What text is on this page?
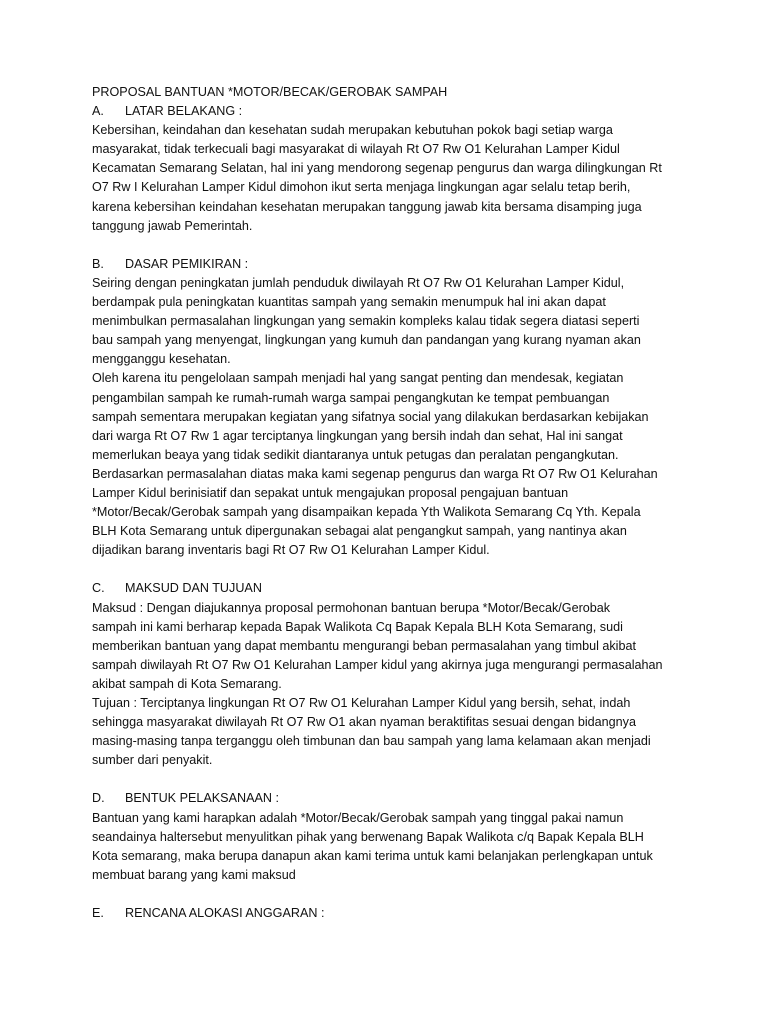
PROPOSAL BANTUAN *MOTOR/BECAK/GEROBAK SAMPAH
A.	LATAR BELAKANG :
Kebersihan, keindahan dan kesehatan sudah merupakan kebutuhan pokok bagi setiap warga
masyarakat, tidak terkecuali bagi masyarakat di wilayah Rt O7 Rw O1 Kelurahan Lamper Kidul
Kecamatan Semarang Selatan, hal ini yang mendorong segenap pengurus dan warga dilingkungan Rt
O7 Rw I Kelurahan Lamper Kidul dimohon ikut serta menjaga lingkungan agar selalu tetap berih,
karena kebersihan keindahan kesehatan merupakan tanggung jawab kita bersama disamping juga
tanggung jawab Pemerintah.
B.	DASAR PEMIKIRAN :
Seiring dengan peningkatan jumlah penduduk diwilayah Rt O7 Rw O1 Kelurahan Lamper Kidul,
berdampak pula peningkatan kuantitas sampah yang semakin menumpuk hal ini akan dapat
menimbulkan permasalahan lingkungan yang semakin kompleks kalau tidak segera diatasi seperti
bau sampah yang menyengat, lingkungan yang kumuh dan pandangan yang kurang nyaman akan
mengganggu kesehatan.
Oleh karena itu pengelolaan sampah menjadi hal yang sangat penting dan mendesak, kegiatan
pengambilan sampah ke rumah-rumah warga sampai pengangkutan ke tempat pembuangan
sampah sementara merupakan kegiatan yang sifatnya social yang dilakukan berdasarkan kebijakan
dari warga Rt O7 Rw 1 agar terciptanya lingkungan yang bersih indah dan sehat, Hal ini sangat
memerlukan beaya yang tidak sedikit diantaranya untuk petugas dan peralatan pengangkutan.
Berdasarkan permasalahan diatas maka kami segenap pengurus dan warga Rt O7 Rw O1 Kelurahan
Lamper Kidul berinisiatif dan sepakat untuk mengajukan proposal pengajuan bantuan
*Motor/Becak/Gerobak sampah yang disampaikan kepada Yth Walikota Semarang Cq Yth. Kepala
BLH Kota Semarang untuk dipergunakan sebagai alat pengangkut sampah, yang nantinya akan
dijadikan barang inventaris bagi Rt O7 Rw O1 Kelurahan Lamper Kidul.
C.	MAKSUD DAN TUJUAN
Maksud : Dengan diajukannya proposal permohonan bantuan berupa *Motor/Becak/Gerobak
sampah ini kami berharap kepada Bapak Walikota Cq Bapak Kepala BLH Kota Semarang, sudi
memberikan bantuan yang dapat membantu mengurangi beban permasalahan yang timbul akibat
sampah diwilayah Rt O7 Rw O1 Kelurahan Lamper kidul yang akirnya juga mengurangi permasalahan
akibat sampah di Kota Semarang.
Tujuan : Terciptanya lingkungan Rt O7 Rw O1 Kelurahan Lamper Kidul yang bersih, sehat, indah
sehingga masyarakat diwilayah Rt O7 Rw O1 akan nyaman beraktifitas sesuai dengan bidangnya
masing-masing tanpa terganggu oleh timbunan dan bau sampah yang lama kelamaan akan menjadi
sumber dari penyakit.
D.	BENTUK PELAKSANAAN :
Bantuan yang kami harapkan adalah *Motor/Becak/Gerobak sampah yang tinggal pakai namun
seandainya haltersebut menyulitkan pihak yang berwenang Bapak Walikota c/q Bapak Kepala BLH
Kota semarang, maka berupa danapun akan kami terima untuk kami belanjakan perlengkapan untuk
membuat barang yang kami maksud
E.	RENCANA ALOKASI ANGGARAN :
